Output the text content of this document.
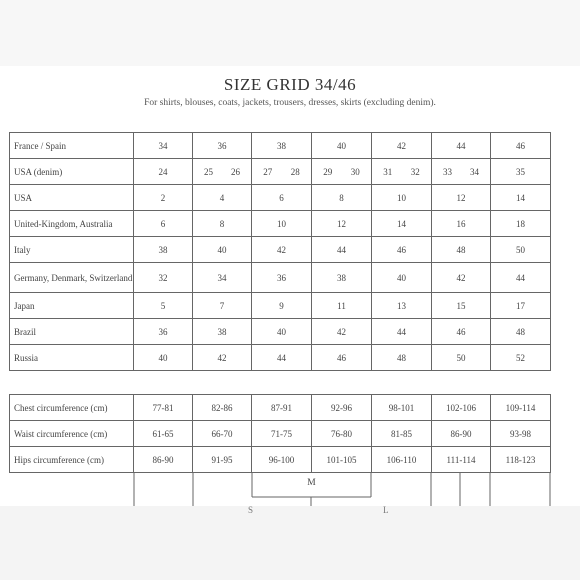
SIZE GRID 34/46
For shirts, blouses, coats, jackets, trousers, dresses, skirts (excluding denim).
France / Spain	34	36	38	40	42	44	46
USA (denim)	24	25 26	27 28	29 30	31 32	33 34	35

USA	2	4	6	8	10	12	14
United-Kingdom, Australia	6	8	10	12	14	16	18
Italy	38	40	42	44	46	48	50
Germany, Denmark, Switzerland	32	34	36	38	40	42	44
Japan	5	7	9	11	13	15	17
Brazil	36	38	40	42	44	46	48
Russia	40	42	44	46	48	50	52
Chest circumference (cm)	77-81	82-86	87-91	92-96	98-101	102-106	109-114
Waist circumference (cm)	61-65	66-70	71-75	76-80	81-85	86-90	93-98
Hips circumference (cm)	86-90	91-95	96-100	101-105	106-110	111-114	118-123
M
S	L
